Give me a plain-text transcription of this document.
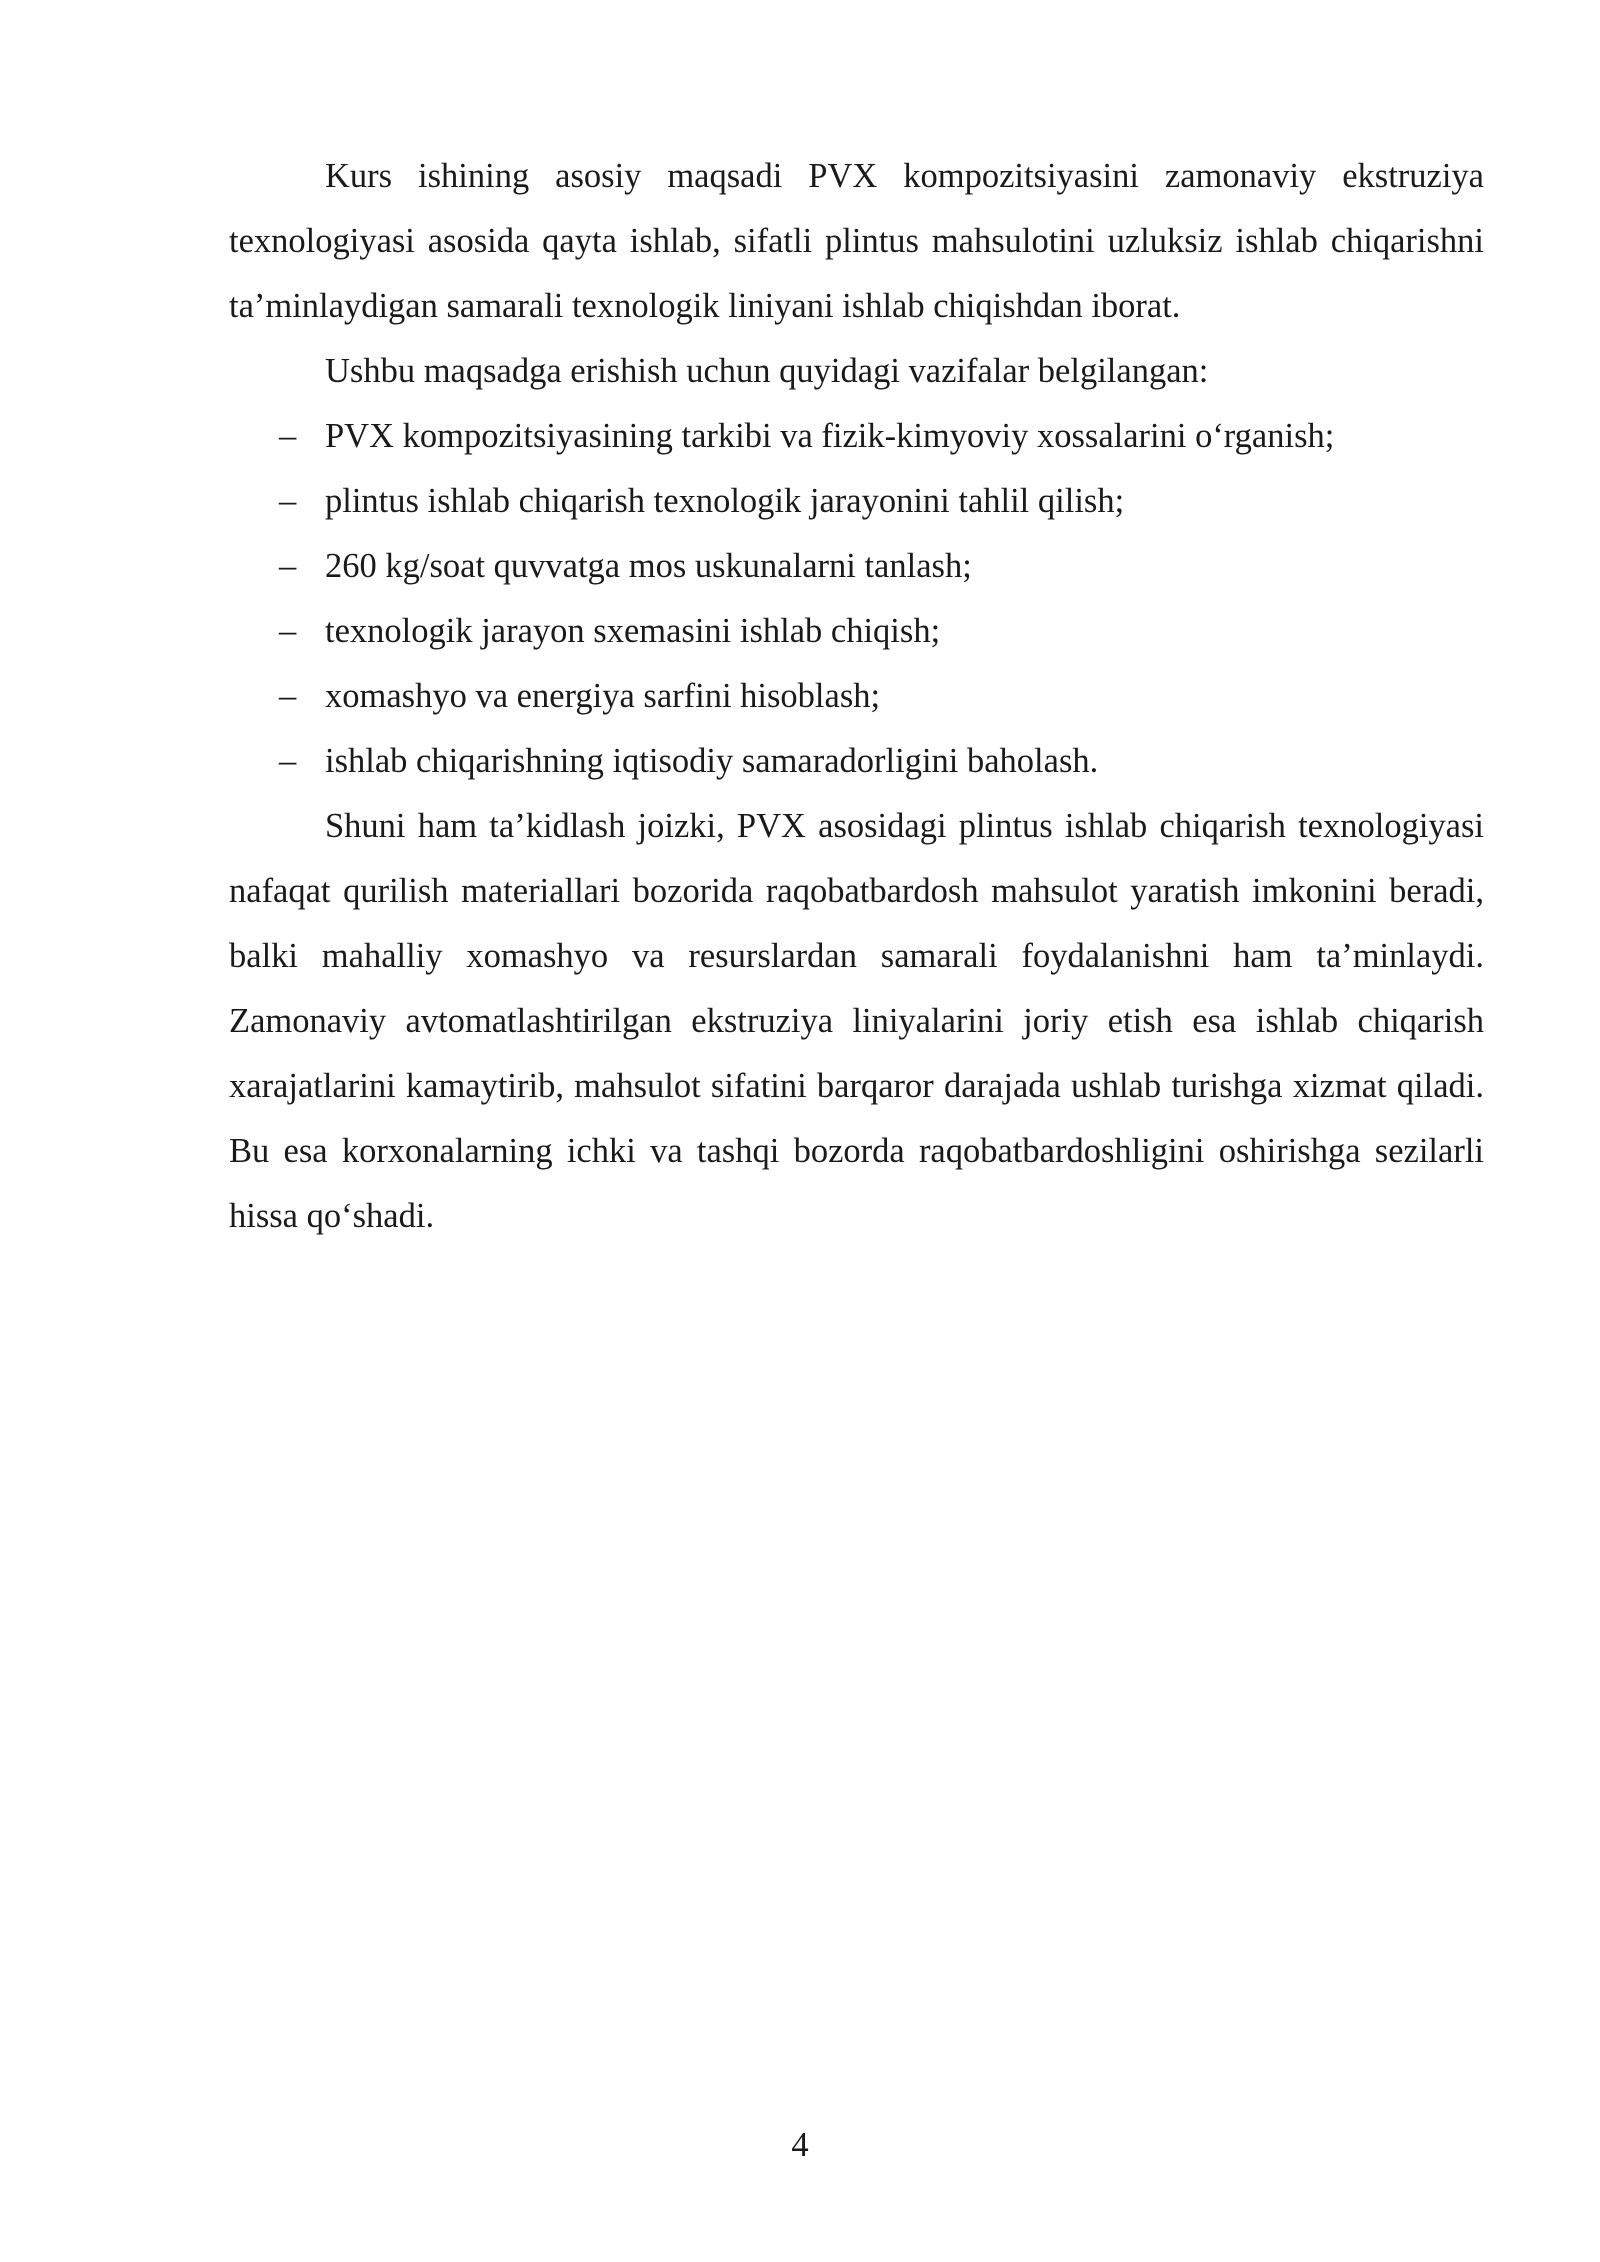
Kurs ishining asosiy maqsadi PVX kompozitsiyasini zamonaviy ekstruziya texnologiyasi asosida qayta ishlab, sifatli plintus mahsulotini uzluksiz ishlab chiqarishni ta’minlaydigan samarali texnologik liniyani ishlab chiqishdan iborat.

Ushbu maqsadga erishish uchun quyidagi vazifalar belgilangan:

– PVX kompozitsiyasining tarkibi va fizik-kimyoviy xossalarini o‘rganish;
– plintus ishlab chiqarish texnologik jarayonini tahlil qilish;
– 260 kg/soat quvvatga mos uskunalarni tanlash;
– texnologik jarayon sxemasini ishlab chiqish;
– xomashyo va energiya sarfini hisoblash;
– ishlab chiqarishning iqtisodiy samaradorligini baholash.

Shuni ham ta’kidlash joizki, PVX asosidagi plintus ishlab chiqarish texnologiyasi nafaqat qurilish materiallari bozorida raqobatbardosh mahsulot yaratish imkonini beradi, balki mahalliy xomashyo va resurslardan samarali foydalanishni ham ta’minlaydi. Zamonaviy avtomatlashtirilgan ekstruziya liniyalarini joriy etish esa ishlab chiqarish xarajatlarini kamaytirib, mahsulot sifatini barqaror darajada ushlab turishga xizmat qiladi. Bu esa korxonalarning ichki va tashqi bozorda raqobatbardoshligini oshirishga sezilarli hissa qo‘shadi.

4
